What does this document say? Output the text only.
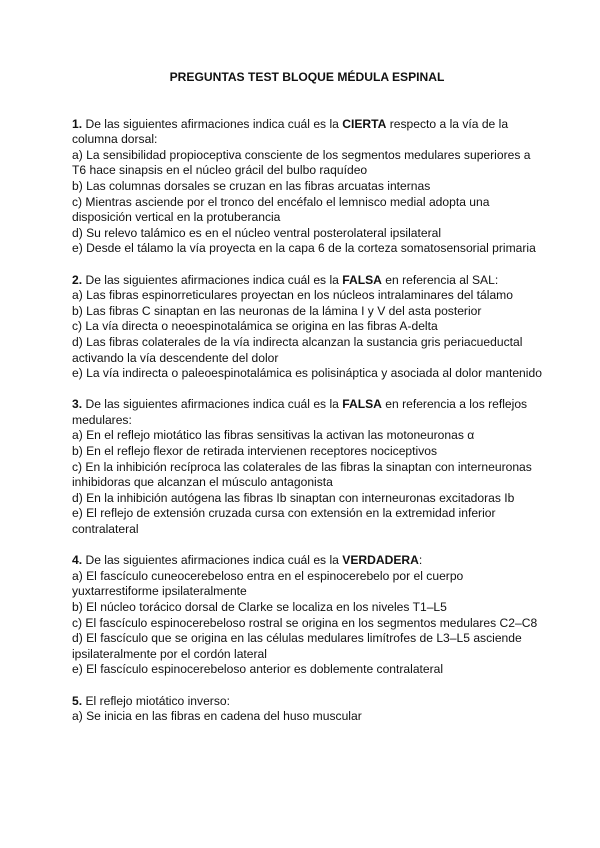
PREGUNTAS TEST BLOQUE MÉDULA ESPINAL
1. De las siguientes afirmaciones indica cuál es la CIERTA respecto a la vía de la columna dorsal:
a) La sensibilidad propioceptiva consciente de los segmentos medulares superiores a T6 hace sinapsis en el núcleo grácil del bulbo raquídeo
b) Las columnas dorsales se cruzan en las fibras arcuatas internas
c) Mientras asciende por el tronco del encéfalo el lemnisco medial adopta una disposición vertical en la protuberancia
d) Su relevo talámico es en el núcleo ventral posterolateral ipsilateral
e) Desde el tálamo la vía proyecta en la capa 6 de la corteza somatosensorial primaria
2. De las siguientes afirmaciones indica cuál es la FALSA en referencia al SAL:
a) Las fibras espinorreticulares proyectan en los núcleos intralaminares del tálamo
b) Las fibras C sinaptan en las neuronas de la lámina I y V del asta posterior
c) La vía directa o neoespinotalámica se origina en las fibras A-delta
d) Las fibras colaterales de la vía indirecta alcanzan la sustancia gris periacueductal activando la vía descendente del dolor
e) La vía indirecta o paleoespinotalámica es polisináptica y asociada al dolor mantenido
3. De las siguientes afirmaciones indica cuál es la FALSA en referencia a los reflejos medulares:
a) En el reflejo miotático las fibras sensitivas la activan las motoneuronas α
b) En el reflejo flexor de retirada intervienen receptores nociceptivos
c) En la inhibición recíproca las colaterales de las fibras la sinaptan con interneuronas inhibidoras que alcanzan el músculo antagonista
d) En la inhibición autógena las fibras Ib sinaptan con interneuronas excitadoras Ib
e) El reflejo de extensión cruzada cursa con extensión en la extremidad inferior contralateral
4. De las siguientes afirmaciones indica cuál es la VERDADERA:
a) El fascículo cuneocerebeloso entra en el espinocerebelo por el cuerpo yuxtarrestiforme ipsilateralmente
b) El núcleo torácico dorsal de Clarke se localiza en los niveles T1–L5
c) El fascículo espinocerebeloso rostral se origina en los segmentos medulares C2–C8
d) El fascículo que se origina en las células medulares limítrofes de L3–L5 asciende ipsilateralmente por el cordón lateral
e) El fascículo espinocerebeloso anterior es doblemente contralateral
5. El reflejo miotático inverso:
a) Se inicia en las fibras en cadena del huso muscular
